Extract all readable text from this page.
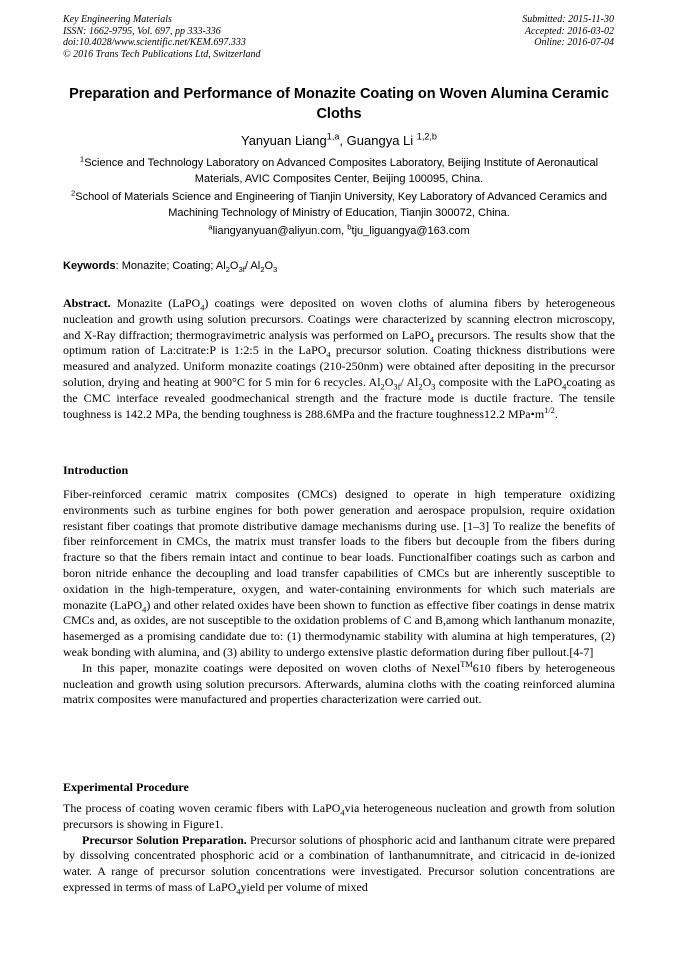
Key Engineering Materials
ISSN: 1662-9795, Vol. 697, pp 333-336
doi:10.4028/www.scientific.net/KEM.697.333
© 2016 Trans Tech Publications Ltd, Switzerland
Submitted: 2015-11-30
Accepted: 2016-03-02
Online: 2016-07-04
Preparation and Performance of Monazite Coating on Woven Alumina Ceramic Cloths
Yanyuan Liang$^{1,a}$, Guangya Li $^{1,2,b}$
$^1$Science and Technology Laboratory on Advanced Composites Laboratory, Beijing Institute of Aeronautical Materials, AVIC Composites Center, Beijing 100095, China.
$^2$School of Materials Science and Engineering of Tianjin University, Key Laboratory of Advanced Ceramics and Machining Technology of Ministry of Education, Tianjin 300072, China.
$^a$liangyanyuan@aliyun.com, $^b$tju_liguangya@163.com
Keywords: Monazite; Coating; $Al_2O_{3f}/$ $Al_2O_3$

Abstract. Monazite (LaPO$_4$) coatings were deposited on woven cloths of alumina fibers by heterogeneous nucleation and growth using solution precursors. Coatings were characterized by scanning electron microscopy, and X-Ray diffraction; thermogravimetric analysis was performed on LaPO$_4$ precursors. The results show that the optimum ration of La:citrate:P is 1:2:5 in the LaPO$_4$ precursor solution. Coating thickness distributions were measured and analyzed. Uniform monazite coatings (210-250nm) were obtained after depositing in the precursor solution, drying and heating at 900°C for 5 min for 6 recycles. $Al_2O_{3f}/$ $Al_2O_3$ composite with the LaPO$_4$coating as the CMC interface revealed goodmechanical strength and the fracture mode is ductile fracture. The tensile toughness is 142.2 MPa, the bending toughness is 288.6MPa and the fracture toughness12.2 $MPa•m^{1/2}$.

Introduction

Fiber-reinforced ceramic matrix composites (CMCs) designed to operate in high temperature oxidizing environments such as turbine engines for both power generation and aerospace propulsion, require oxidation resistant fiber coatings that promote distributive damage mechanisms during use. [1–3] To realize the benefits of fiber reinforcement in CMCs, the matrix must transfer loads to the fibers but decouple from the fibers during fracture so that the fibers remain intact and continue to bear loads. Functionalfiber coatings such as carbon and boron nitride enhance the decoupling and load transfer capabilities of CMCs but are inherently susceptible to oxidation in the high-temperature, oxygen, and water-containing environments for which such materials are monazite (LaPO$_4$) and other related oxides have been shown to function as effective fiber coatings in dense matrix CMCs and, as oxides, are not susceptible to the oxidation problems of C and B,among which lanthanum monazite, hasemerged as a promising candidate due to: (1) thermodynamic stability with alumina at high temperatures, (2) weak bonding with alumina, and (3) ability to undergo extensive plastic deformation during fiber pullout.[4-7]

In this paper, monazite coatings were deposited on woven cloths of Nexel™610 fibers by heterogeneous nucleation and growth using solution precursors. Afterwards, alumina cloths with the coating reinforced alumina matrix composites were manufactured and properties characterization were carried out.

Experimental Procedure

The process of coating woven ceramic fibers with LaPO$_4$via heterogeneous nucleation and growth from solution precursors is showing in Figure1.

Precursor Solution Preparation. Precursor solutions of phosphoric acid and lanthanum citrate were prepared by dissolving concentrated phosphoric acid or a combination of lanthanumnitrate, and citricacid in de-ionized water. A range of precursor solution concentrations were investigated. Precursor solution concentrations are expressed in terms of mass of LaPO$_4$yield per volume of mixed
